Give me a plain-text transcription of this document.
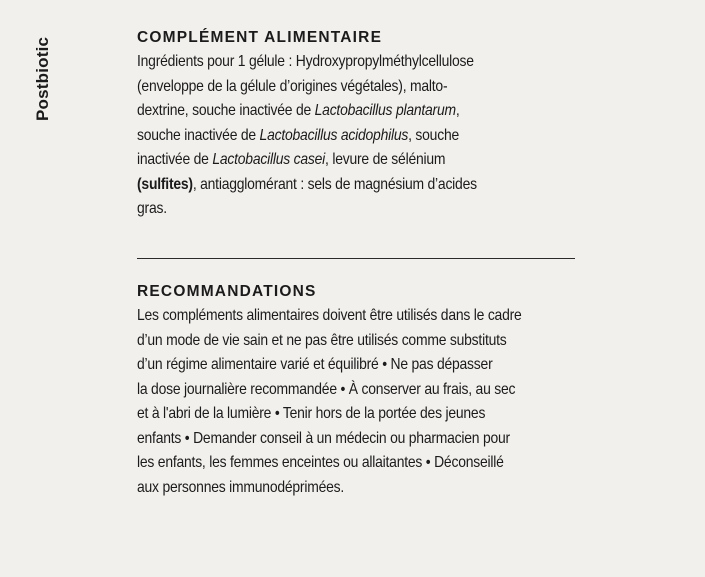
Postbiotic	COMPLÉMENT ALIMENTAIRE
Ingrédients pour 1 gélule : Hydroxypropylméthylcellulose
(enveloppe de la gélule d’origines végétales), malto-
dextrine, souche inactivée de Lactobacillus plantarum,
souche inactivée de Lactobacillus acidophilus, souche
inactivée de Lactobacillus casei, levure de sélénium
(sulfites), antiagglomérant : sels de magnésium d’acides
gras.
RECOMMANDATIONS
Les compléments alimentaires doivent être utilisés dans le cadre
d’un mode de vie sain et ne pas être utilisés comme substituts
d’un régime alimentaire varié et équilibré • Ne pas dépasser
la dose journalière recommandée • À conserver au frais, au sec
et à l'abri de la lumière • Tenir hors de la portée des jeunes
enfants • Demander conseil à un médecin ou pharmacien pour
les enfants, les femmes enceintes ou allaitantes • Déconseillé
aux personnes immunodéprimées.
